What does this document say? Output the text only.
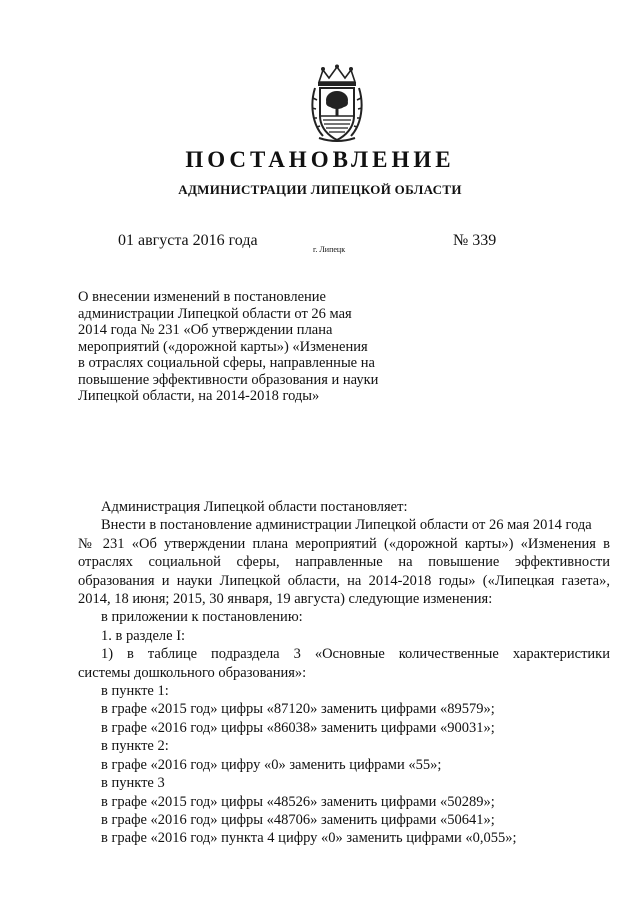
ПОСТАНОВЛЕНИЕ
АДМИНИСТРАЦИИ ЛИПЕЦКОЙ ОБЛАСТИ
01 августа 2016 года
г. Липецк
№ 339
О внесении изменений в постановление
администрации Липецкой области от 26 мая
2014 года № 231 «Об утверждении плана
мероприятий («дорожной карты») «Изменения
в отраслях социальной сферы, направленные на
повышение эффективности образования и науки
Липецкой области, на 2014-2018 годы»
Администрация Липецкой области постановляет:
Внести в постановление администрации Липецкой области от 26 мая 2014 года
№ 231 «Об утверждении плана мероприятий («дорожной карты») «Изменения в
отраслях социальной сферы, направленные на повышение эффективности
образования и науки Липецкой области, на 2014-2018 годы» («Липецкая газета»,
2014, 18 июня; 2015, 30 января, 19 августа) следующие изменения:
в приложении к постановлению:
1. в разделе I:
1) в таблице подраздела 3 «Основные количественные характеристики
системы дошкольного образования»:
в пункте 1:
в графе «2015 год» цифры «87120» заменить цифрами «89579»;
в графе «2016 год» цифры «86038» заменить цифрами «90031»;
в пункте 2:
в графе «2016 год» цифру «0» заменить цифрами «55»;
в пункте 3
в графе «2015 год» цифры «48526» заменить цифрами «50289»;
в графе «2016 год» цифры «48706» заменить цифрами «50641»;
в графе «2016 год» пункта 4 цифру «0» заменить цифрами «0,055»;
